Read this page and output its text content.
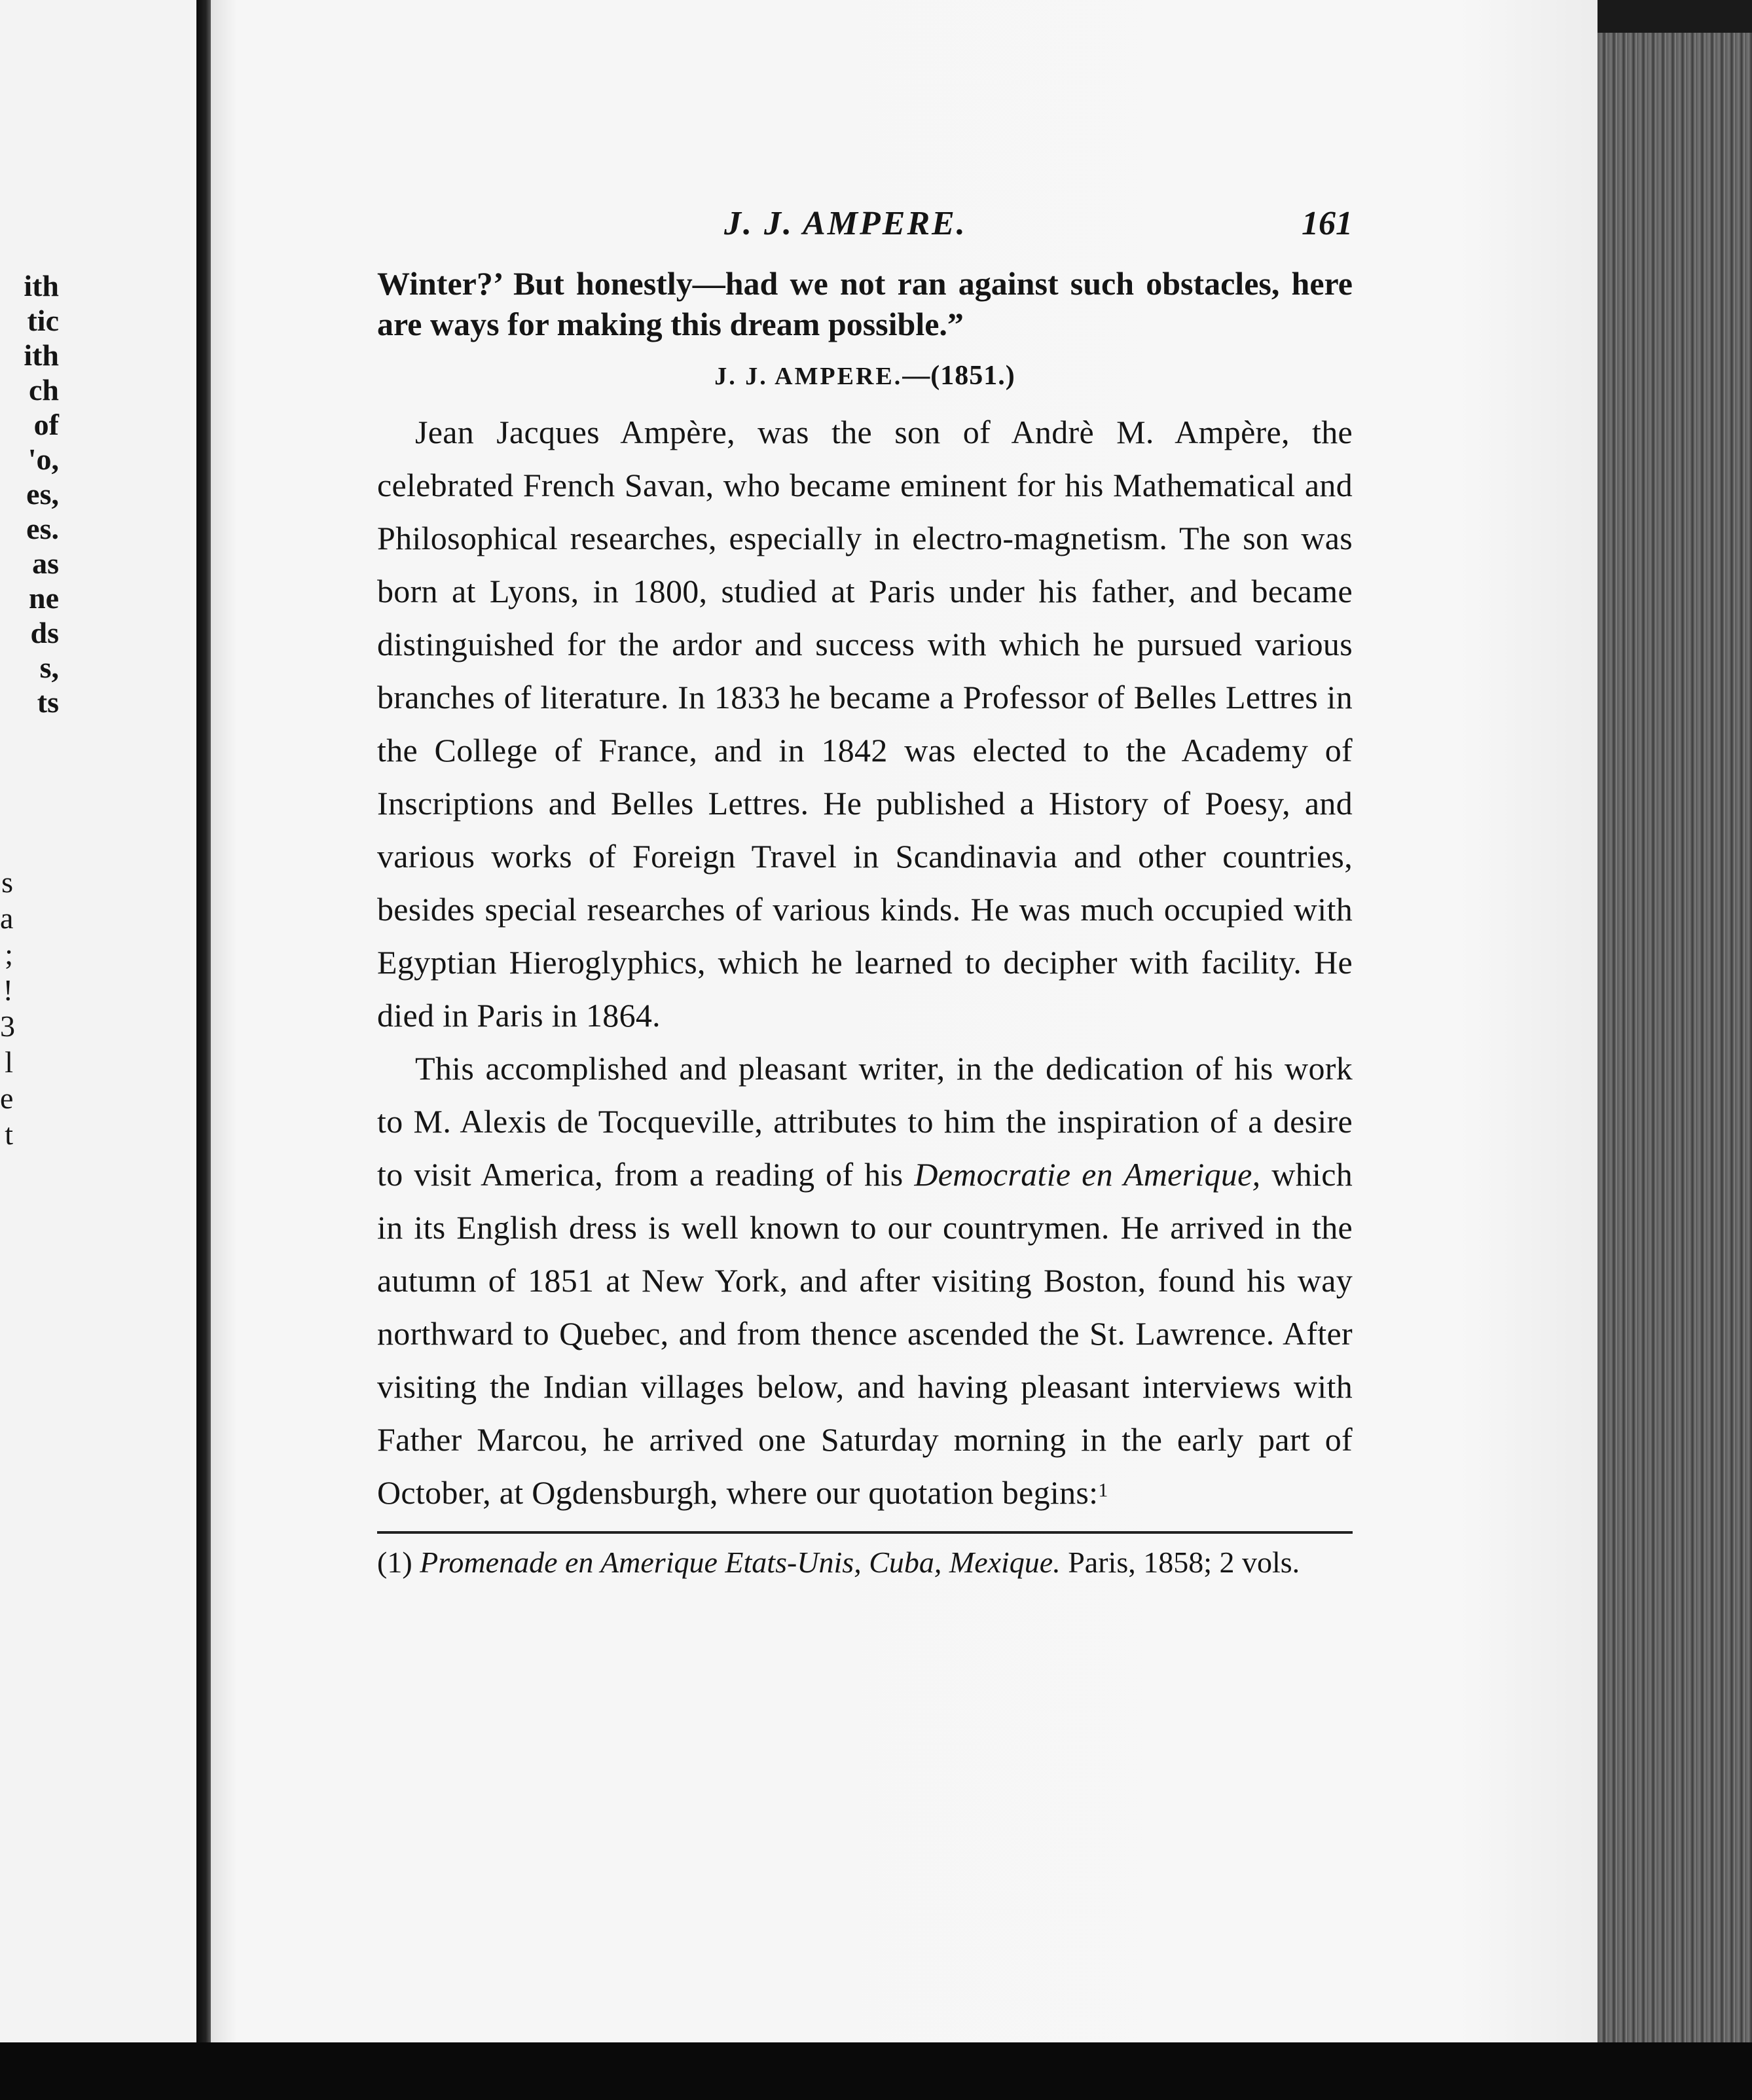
ith
tic
ith
ch
of
'o,
es,
es.
as
ne
ds
s,
ts
s
a
;
!
3
l
e
t
J. J. AMPERE.	161
Winter?’ But honestly—had we not ran against such obstacles, here are ways for making this dream possible.”
J. J. AMPERE.—(1851.)

Jean Jacques Ampère, was the son of Andrè M. Ampère, the celebrated French Savan, who became eminent for his Mathematical and Philosophical researches, especially in electro-magnetism. The son was born at Lyons, in 1800, studied at Paris under his father, and became distinguished for the ardor and success with which he pursued various branches of literature. In 1833 he became a Professor of Belles Lettres in the College of France, and in 1842 was elected to the Academy of Inscriptions and Belles Lettres. He published a History of Poesy, and various works of Foreign Travel in Scandinavia and other countries, besides special researches of various kinds. He was much occupied with Egyptian Hieroglyphics, which he learned to decipher with facility. He died in Paris in 1864.

This accomplished and pleasant writer, in the dedication of his work to M. Alexis de Tocqueville, attributes to him the inspiration of a desire to visit America, from a reading of his Democratie en Amerique, which in its English dress is well known to our countrymen. He arrived in the autumn of 1851 at New York, and after visiting Boston, found his way northward to Quebec, and from thence ascended the St. Lawrence. After visiting the Indian villages below, and having pleasant interviews with Father Marcou, he arrived one Saturday morning in the early part of October, at Ogdensburgh, where our quotation begins:$^1$

(1) Promenade en Amerique Etats-Unis, Cuba, Mexique. Paris, 1858; 2 vols.
